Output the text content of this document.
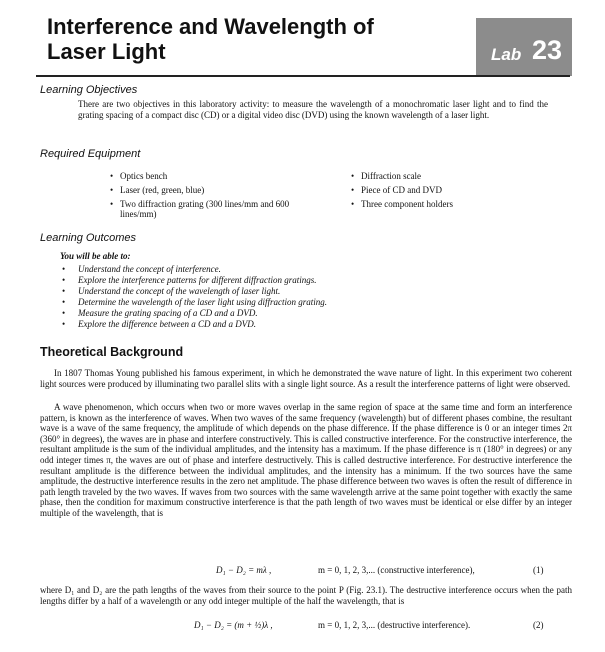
Interference and Wavelength of
Laser Light	Lab 23
Learning Objectives
There are two objectives in this laboratory activity: to measure the wavelength of a monochromatic laser light and to find the grating spacing of a compact disc (CD) or a digital video disc (DVD) using the known wavelength of a laser light.
Required Equipment
• Optics bench
• Laser (red, green, blue)
• Two diffraction grating (300 lines/mm and 600 lines/mm)
• Diffraction scale
• Piece of CD and DVD
• Three component holders
Learning Outcomes
You will be able to:
• Understand the concept of interference.
• Explore the interference patterns for different diffraction gratings.
• Understand the concept of the wavelength of laser light.
• Determine the wavelength of the laser light using diffraction grating.
• Measure the grating spacing of a CD and a DVD.
• Explore the difference between a CD and a DVD.
Theoretical Background
In 1807 Thomas Young published his famous experiment, in which he demonstrated the wave nature of light. In this experiment two coherent light sources were produced by illuminating two parallel slits with a single light source. As a result the interference patterns of light were observed.
A wave phenomenon, which occurs when two or more waves overlap in the same region of space at the same time and form an interference pattern, is known as the interference of waves. When two waves of the same frequency (wavelength) but of different phases combine, the resultant wave is a wave of the same frequency, the amplitude of which depends on the phase difference. If the phase difference is 0 or an integer times 2π (360° in degrees), the waves are in phase and interfere constructively. This is called constructive interference. For the constructive interference, the resultant amplitude is the sum of the individual amplitudes, and the intensity has a maximum. If the phase difference is π (180° in degrees) or any odd integer times π, the waves are out of phase and interfere destructively. This is called destructive interference. For destructive interference the resultant amplitude is the difference between the individual amplitudes, and the intensity has a minimum. If the two sources have the same amplitude, the destructive interference results in the zero net amplitude. The phase difference between two waves is often the result of difference in path length traveled by the two waves. If waves from two sources with the same wavelength arrive at the same point together with exactly the same phase, then the condition for maximum constructive interference is that the path length of two waves must be identical or else differ by an integer multiple of the wavelength, that is
D₁ − D₂ = mλ ,	m = 0, 1, 2, 3,... (constructive interference),	(1)
where D₁ and D₂ are the path lengths of the waves from their source to the point P (Fig. 23.1). The destructive interference occurs when the path lengths differ by a half of a wavelength or any odd integer multiple of the half the wavelength, that is
D₁ − D₂ = (m + ½)λ ,	m = 0, 1, 2, 3,... (destructive interference).	(2)
